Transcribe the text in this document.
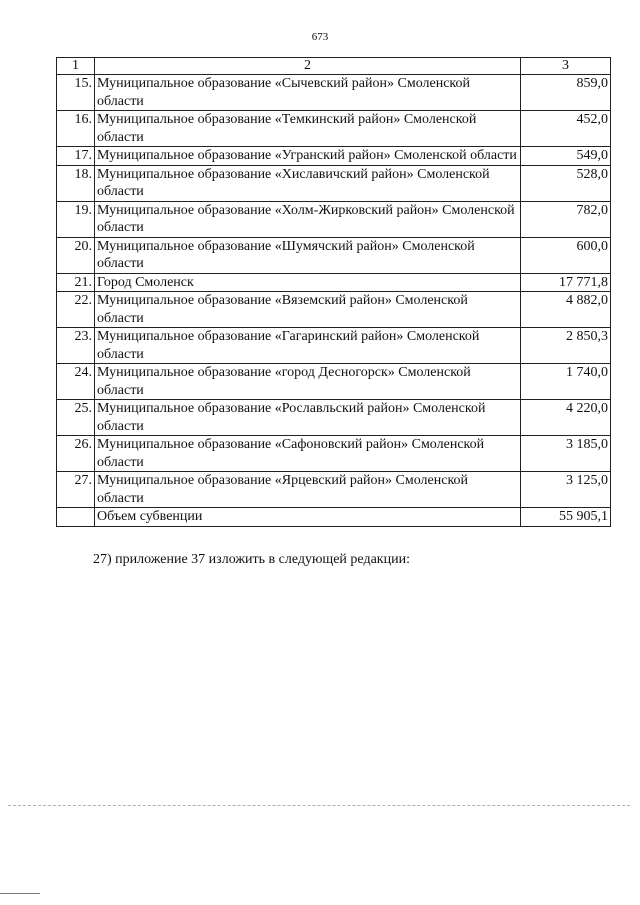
673
1	2	3
15.	Муниципальное образование «Сычевский район» Смоленской области	859,0
16.	Муниципальное образование «Темкинский район» Смоленской области	452,0
17.	Муниципальное образование «Угранский район» Смоленской области	549,0
18.	Муниципальное образование «Хиславичский район» Смоленской области	528,0
19.	Муниципальное образование «Холм-Жирковский район» Смоленской области	782,0
20.	Муниципальное образование «Шумячский район» Смоленской области	600,0
21.	Город Смоленск	17 771,8
22.	Муниципальное образование «Вяземский район» Смоленской области	4 882,0
23.	Муниципальное образование «Гагаринский район» Смоленской области	2 850,3
24.	Муниципальное образование «город Десногорск» Смоленской области	1 740,0
25.	Муниципальное образование «Рославльский район» Смоленской области	4 220,0
26.	Муниципальное образование «Сафоновский район» Смоленской области	3 185,0
27.	Муниципальное образование «Ярцевский район» Смоленской области	3 125,0
	Объем субвенции	55 905,1
27) приложение 37 изложить в следующей редакции:
